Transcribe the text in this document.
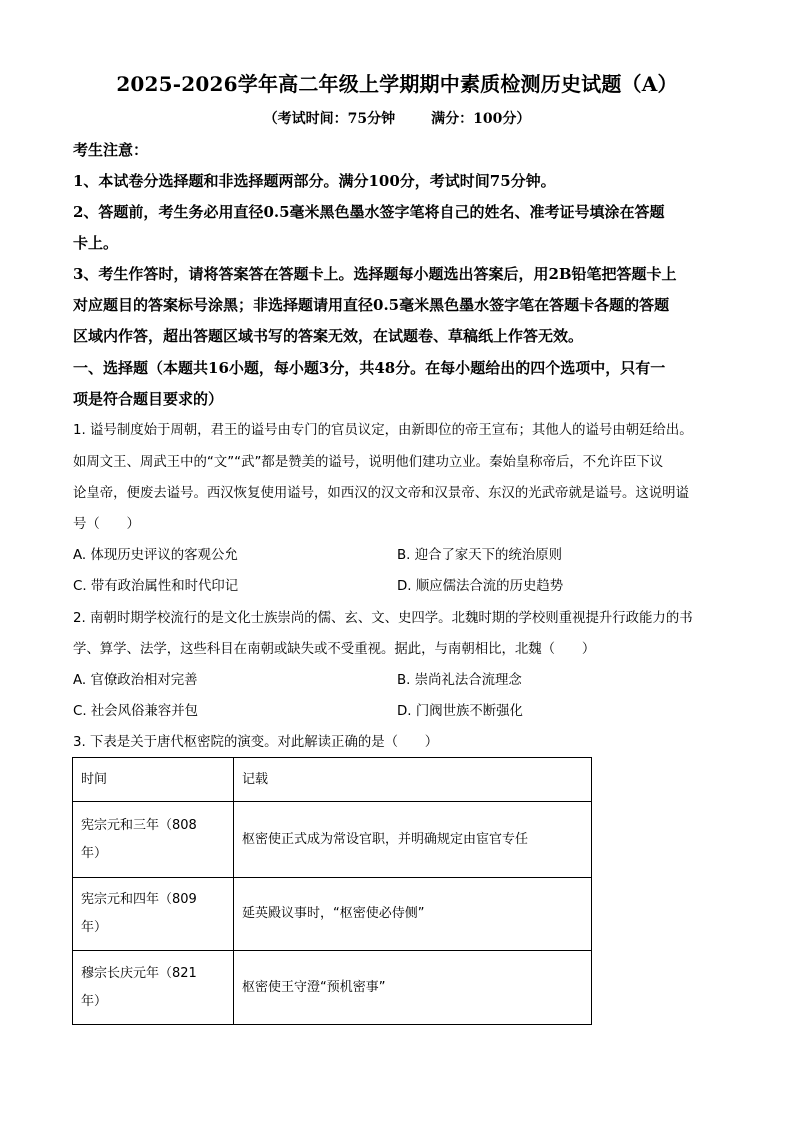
2025-2026学年高二年级上学期期中素质检测历史试题（A）
（考试时间：75分钟	满分：100分）
考生注意：
1、本试卷分选择题和非选择题两部分。满分100分，考试时间75分钟。
2、答题前，考生务必用直径0.5毫米黑色墨水签字笔将自己的姓名、准考证号填涂在答题
卡上。
3、考生作答时，请将答案答在答题卡上。选择题每小题选出答案后，用2B铅笔把答题卡上
对应题目的答案标号涂黑；非选择题请用直径0.5毫米黑色墨水签字笔在答题卡各题的答题
区域内作答，超出答题区域书写的答案无效，在试题卷、草稿纸上作答无效。
一、选择题（本题共16小题，每小题3分，共48分。在每小题给出的四个选项中，只有一
项是符合题目要求的）
1. 谥号制度始于周朝，君王的谥号由专门的官员议定，由新即位的帝王宣布；其他人的谥号由朝廷给出。
如周文王、周武王中的“文”“武”都是赞美的谥号，说明他们建功立业。秦始皇称帝后，不允许臣下议
论皇帝，便废去谥号。西汉恢复使用谥号，如西汉的汉文帝和汉景帝、东汉的光武帝就是谥号。这说明谥
号（　　）
A. 体现历史评议的客观公允	B. 迎合了家天下的统治原则
C. 带有政治属性和时代印记	D. 顺应儒法合流的历史趋势
2. 南朝时期学校流行的是文化士族崇尚的儒、玄、文、史四学。北魏时期的学校则重视提升行政能力的书
学、算学、法学，这些科目在南朝或缺失或不受重视。据此，与南朝相比，北魏（　　）
A. 官僚政治相对完善	B. 崇尚礼法合流理念
C. 社会风俗兼容并包	D. 门阀世族不断强化
3. 下表是关于唐代枢密院的演变。对此解读正确的是（　　）
时间	记载

宪宗元和三年（808
年）	枢密使正式成为常设官职，并明确规定由宦官专任

宪宗元和四年（809
年）	延英殿议事时，“枢密使必侍侧”

穆宗长庆元年（821
年）	枢密使王守澄“预机密事”
